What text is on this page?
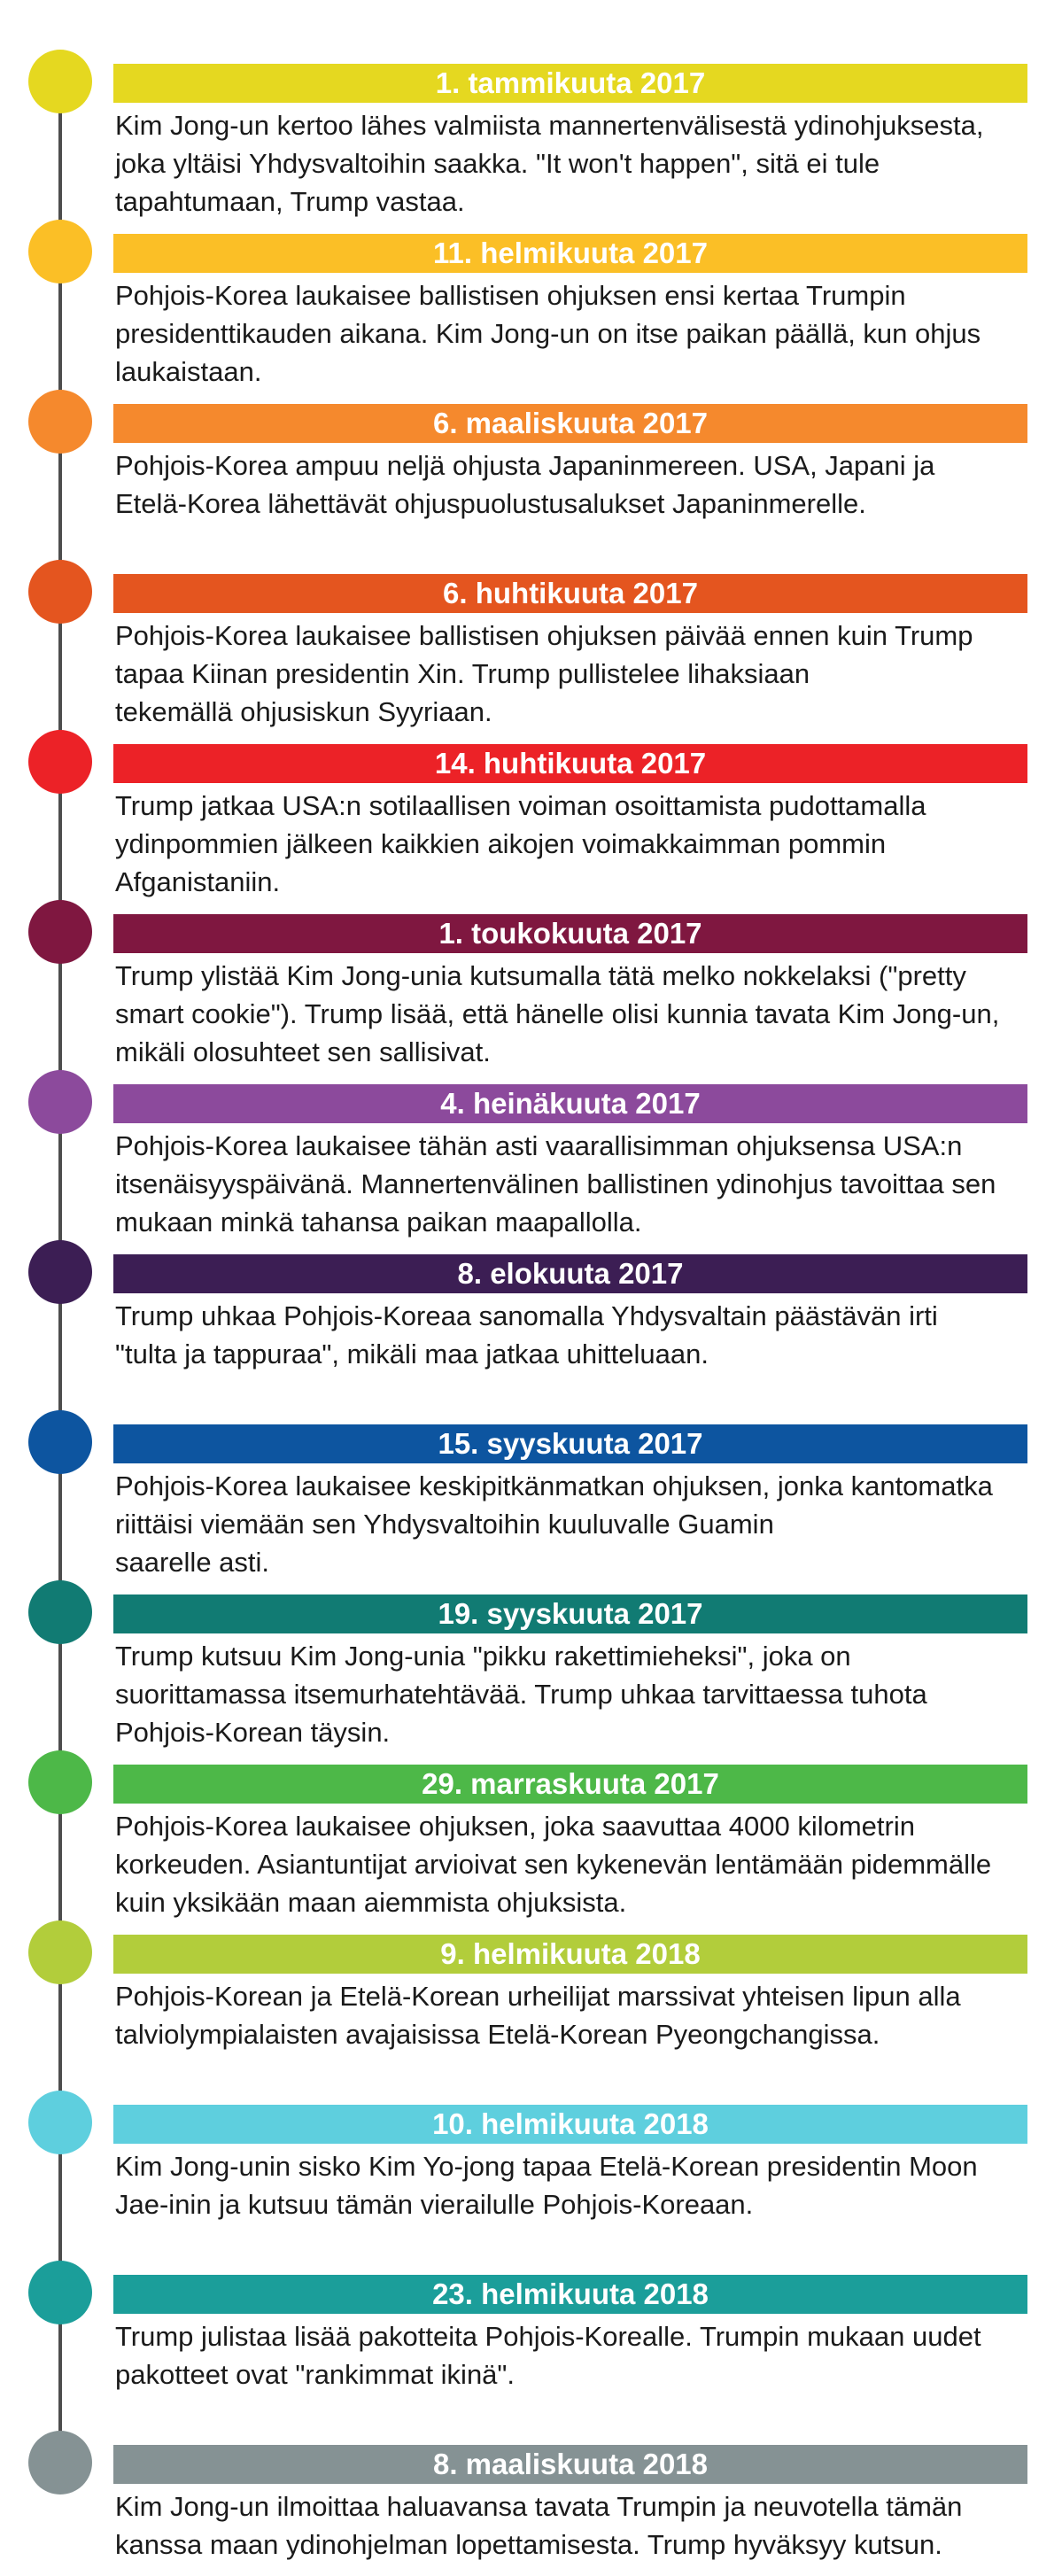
1. tammikuuta 2017
Kim Jong-un kertoo lähes valmiista mannertenvälisestä ydinohjuksesta,
joka yltäisi Yhdysvaltoihin saakka. "It won't happen", sitä ei tule
tapahtumaan, Trump vastaa.
11. helmikuuta 2017
Pohjois-Korea laukaisee ballistisen ohjuksen ensi kertaa Trumpin
presidenttikauden aikana. Kim Jong-un on itse paikan päällä, kun ohjus
laukaistaan.
6. maaliskuuta 2017
Pohjois-Korea ampuu neljä ohjusta Japaninmereen. USA, Japani ja
Etelä-Korea lähettävät ohjuspuolustusalukset Japaninmerelle.
6. huhtikuuta 2017
Pohjois-Korea laukaisee ballistisen ohjuksen päivää ennen kuin Trump
tapaa Kiinan presidentin Xin. Trump pullistelee lihaksiaan
tekemällä ohjusiskun Syyriaan.
14. huhtikuuta 2017
Trump jatkaa USA:n sotilaallisen voiman osoittamista pudottamalla
ydinpommien jälkeen kaikkien aikojen voimakkaimman pommin
Afganistaniin.
1. toukokuuta 2017
Trump ylistää Kim Jong-unia kutsumalla tätä melko nokkelaksi ("pretty
smart cookie"). Trump lisää, että hänelle olisi kunnia tavata Kim Jong-un,
mikäli olosuhteet sen sallisivat.
4. heinäkuuta 2017
Pohjois-Korea laukaisee tähän asti vaarallisimman ohjuksensa USA:n
itsenäisyyspäivänä. Mannertenvälinen ballistinen ydinohjus tavoittaa sen
mukaan minkä tahansa paikan maapallolla.
8. elokuuta 2017
Trump uhkaa Pohjois-Koreaa sanomalla Yhdysvaltain päästävän irti
"tulta ja tappuraa", mikäli maa jatkaa uhitteluaan.
15. syyskuuta 2017
Pohjois-Korea laukaisee keskipitkänmatkan ohjuksen, jonka kantomatka
riittäisi viemään sen Yhdysvaltoihin kuuluvalle Guamin
saarelle asti.
19. syyskuuta 2017
Trump kutsuu Kim Jong-unia "pikku rakettimieheksi", joka on
suorittamassa itsemurhatehtävää. Trump uhkaa tarvittaessa tuhota
Pohjois-Korean täysin.
29. marraskuuta 2017
Pohjois-Korea laukaisee ohjuksen, joka saavuttaa 4000 kilometrin
korkeuden. Asiantuntijat arvioivat sen kykenevän lentämään pidemmälle
kuin yksikään maan aiemmista ohjuksista.
9. helmikuuta 2018
Pohjois-Korean ja Etelä-Korean urheilijat marssivat yhteisen lipun alla
talviolympialaisten avajaisissa Etelä-Korean Pyeongchangissa.
10. helmikuuta 2018
Kim Jong-unin sisko Kim Yo-jong tapaa Etelä-Korean presidentin Moon
Jae-inin ja kutsuu tämän vierailulle Pohjois-Koreaan.
23. helmikuuta 2018
Trump julistaa lisää pakotteita Pohjois-Korealle. Trumpin mukaan uudet
pakotteet ovat "rankimmat ikinä".
8. maaliskuuta 2018
Kim Jong-un ilmoittaa haluavansa tavata Trumpin ja neuvotella tämän
kanssa maan ydinohjelman lopettamisesta. Trump hyväksyy kutsun.
